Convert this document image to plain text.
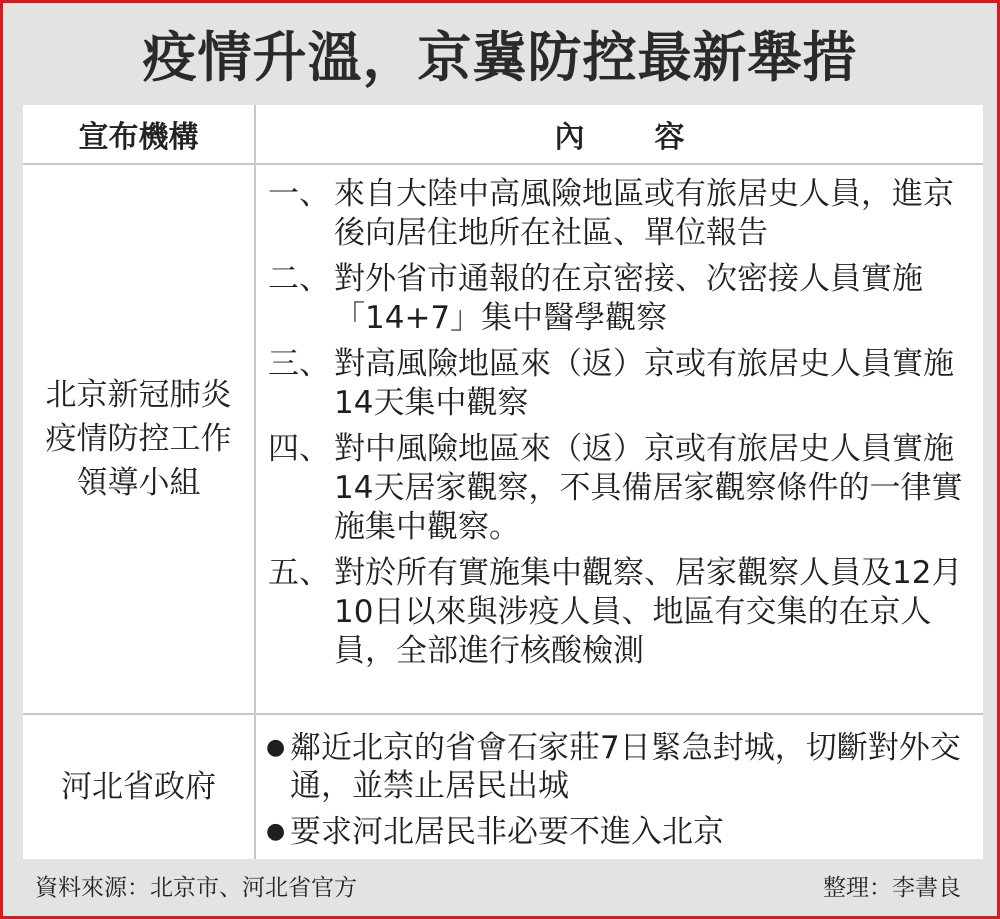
疫情升溫，京冀防控最新舉措
宣布機構	內容
北京新冠肺炎疫情防控工作領導小組
一、 來自大陸中高風險地區或有旅居史人員，進京後向居住地所在社區、單位報告
二、 對外省市通報的在京密接、次密接人員實施「14+7」集中醫學觀察
三、 對高風險地區來（返）京或有旅居史人員實施14天集中觀察
四、 對中風險地區來（返）京或有旅居史人員實施14天居家觀察，不具備居家觀察條件的一律實施集中觀察。
五、 對於所有實施集中觀察、居家觀察人員及12月10日以來與涉疫人員、地區有交集的在京人員，全部進行核酸檢測
河北省政府
● 鄰近北京的省會石家莊7日緊急封城，切斷對外交通，並禁止居民出城
● 要求河北居民非必要不進入北京
資料來源：北京市、河北省官方	整理：李書良
